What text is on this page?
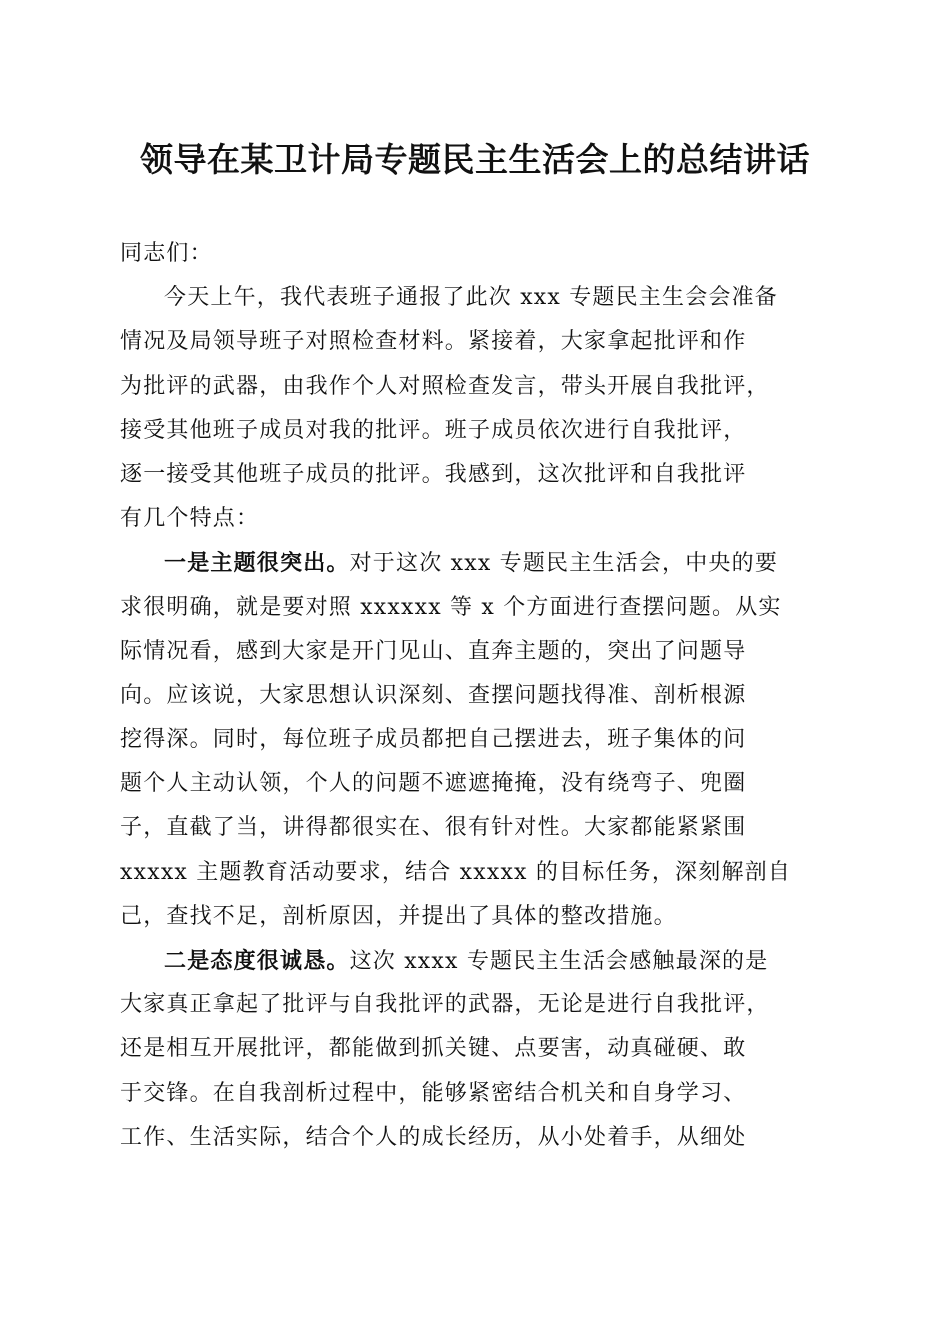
领导在某卫计局专题民主生活会上的总结讲话

同志们：

今天上午，我代表班子通报了此次 xxx 专题民主生会会准备
情况及局领导班子对照检查材料。紧接着，大家拿起批评和作
为批评的武器，由我作个人对照检查发言，带头开展自我批评，
接受其他班子成员对我的批评。班子成员依次进行自我批评，
逐一接受其他班子成员的批评。我感到，这次批评和自我批评
有几个特点：
一是主题很突出。对于这次 xxx 专题民主生活会，中央的要
求很明确，就是要对照 xxxxxx 等 x 个方面进行查摆问题。从实
际情况看，感到大家是开门见山、直奔主题的，突出了问题导
向。应该说，大家思想认识深刻、查摆问题找得准、剖析根源
挖得深。同时，每位班子成员都把自己摆进去，班子集体的问
题个人主动认领，个人的问题不遮遮掩掩，没有绕弯子、兜圈
子，直截了当，讲得都很实在、很有针对性。大家都能紧紧围
xxxxx 主题教育活动要求，结合 xxxxx 的目标任务，深刻解剖自
己，查找不足，剖析原因，并提出了具体的整改措施。
二是态度很诚恳。这次 xxxx 专题民主生活会感触最深的是
大家真正拿起了批评与自我批评的武器，无论是进行自我批评，
还是相互开展批评，都能做到抓关键、点要害，动真碰硬、敢
于交锋。在自我剖析过程中，能够紧密结合机关和自身学习、
工作、生活实际，结合个人的成长经历，从小处着手，从细处
